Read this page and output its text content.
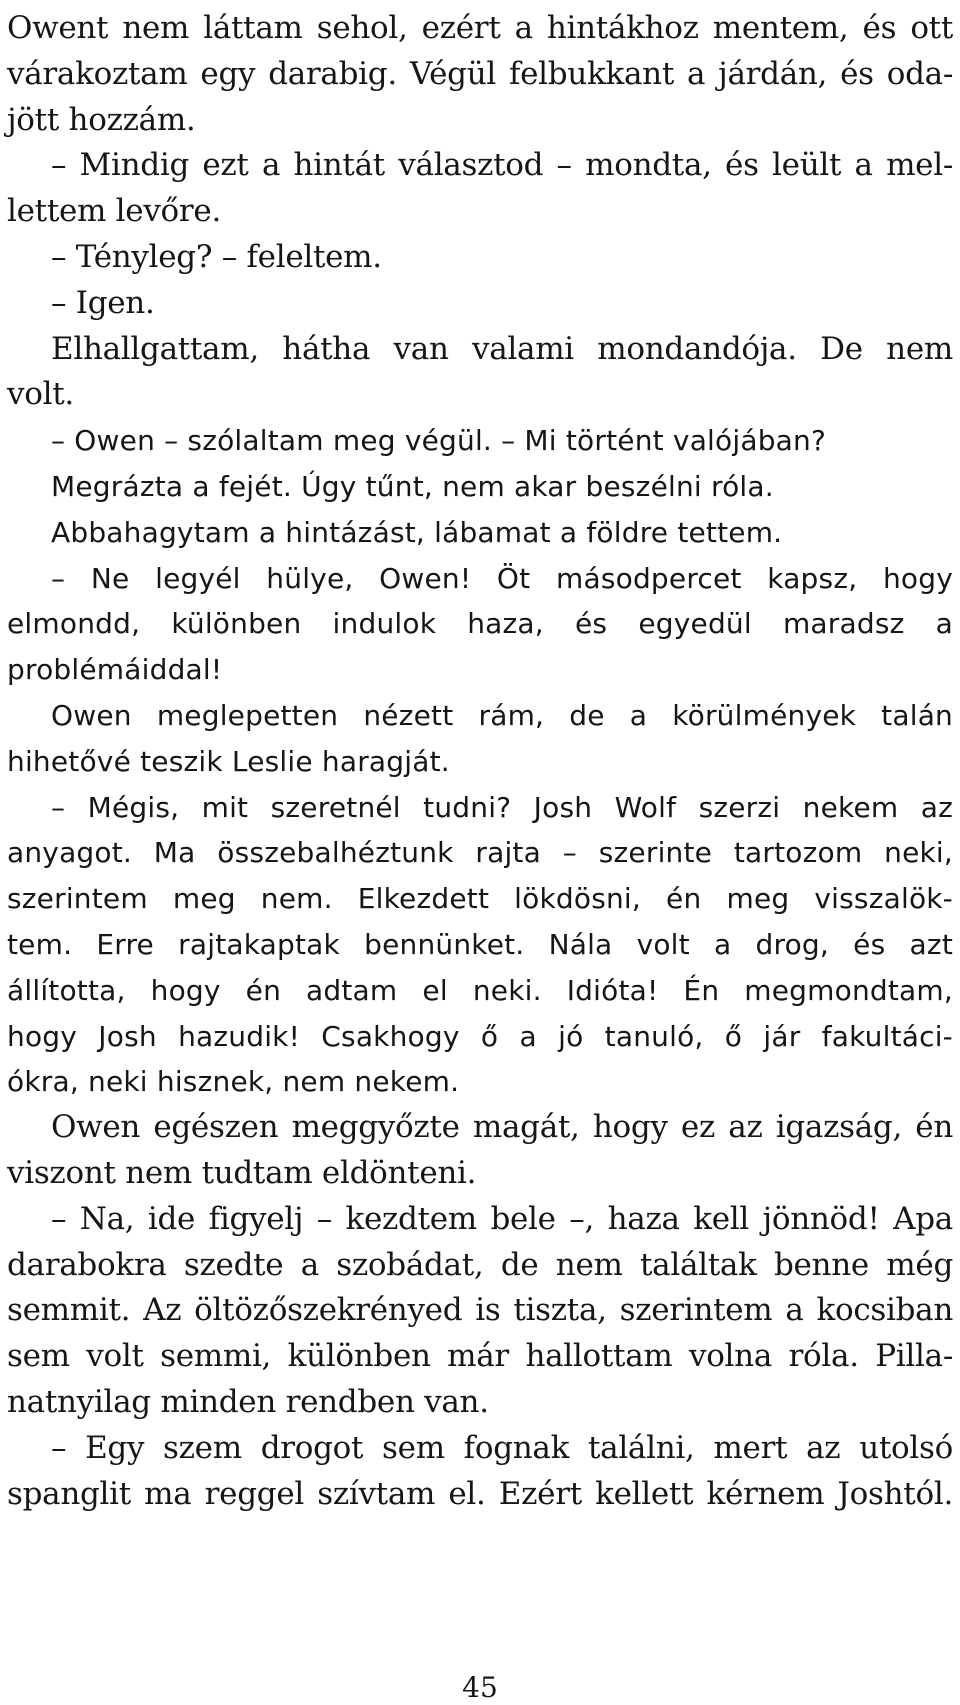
Owent nem láttam sehol, ezért a hintákhoz mentem, és ott
várakoztam egy darabig. Végül felbukkant a járdán, és oda-
jött hozzám.
– Mindig ezt a hintát választod – mondta, és leült a mel-
lettem levőre.
– Tényleg? – feleltem.
– Igen.
Elhallgattam, hátha van valami mondandója. De nem
volt.
– Owen – szólaltam meg végül. – Mi történt valójában?
Megrázta a fejét. Úgy tűnt, nem akar beszélni róla.
Abbahagytam a hintázást, lábamat a földre tettem.
– Ne legyél hülye, Owen! Öt másodpercet kapsz, hogy
elmondd, különben indulok haza, és egyedül maradsz a
problémáiddal!
Owen meglepetten nézett rám, de a körülmények talán
hihetővé teszik Leslie haragját.
– Mégis, mit szeretnél tudni? Josh Wolf szerzi nekem az
anyagot. Ma összebalhéztunk rajta – szerinte tartozom neki,
szerintem meg nem. Elkezdett lökdösni, én meg visszalök-
tem. Erre rajtakaptak bennünket. Nála volt a drog, és azt
állította, hogy én adtam el neki. Idióta! Én megmondtam,
hogy Josh hazudik! Csakhogy ő a jó tanuló, ő jár fakultáci-
ókra, neki hisznek, nem nekem.
Owen egészen meggyőzte magát, hogy ez az igazság, én
viszont nem tudtam eldönteni.
– Na, ide figyelj – kezdtem bele –, haza kell jönnöd! Apa
darabokra szedte a szobádat, de nem találtak benne még
semmit. Az öltözőszekrényed is tiszta, szerintem a kocsiban
sem volt semmi, különben már hallottam volna róla. Pilla-
natnyilag minden rendben van.
– Egy szem drogot sem fognak találni, mert az utolsó
spanglit ma reggel szívtam el. Ezért kellett kérnem Joshtól.
45
